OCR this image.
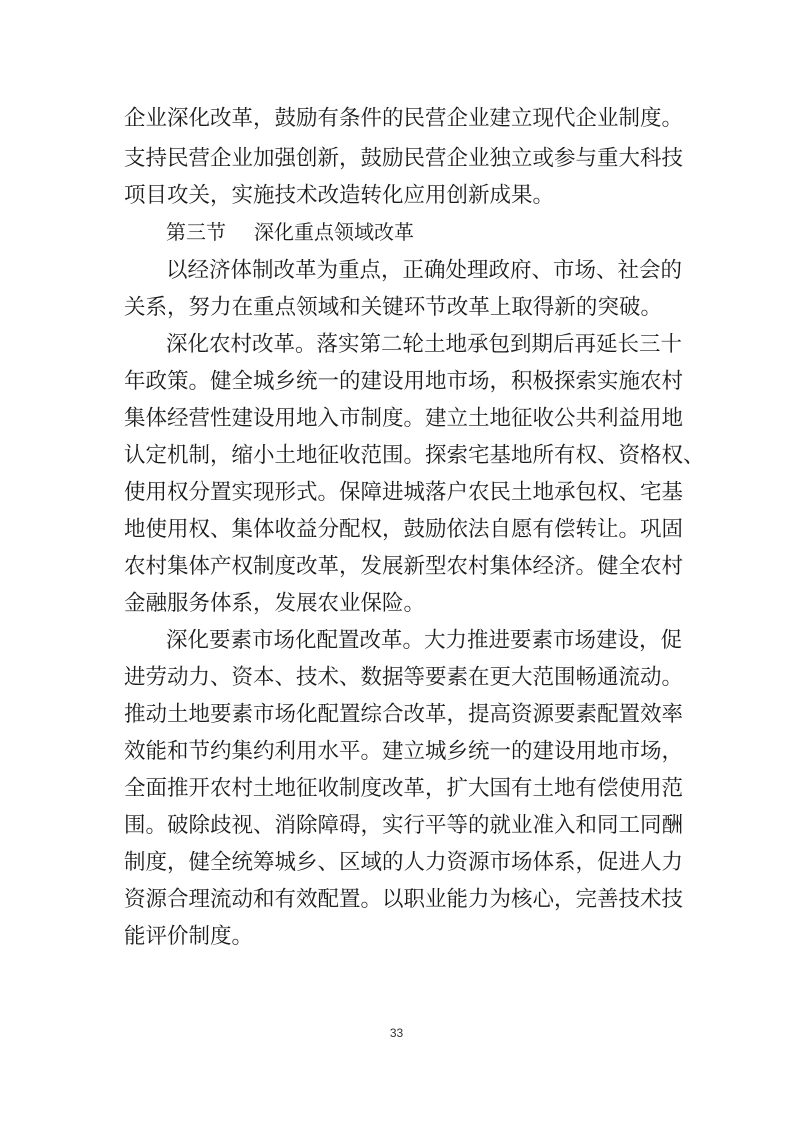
企业深化改革，鼓励有条件的民营企业建立现代企业制度。

支持民营企业加强创新，鼓励民营企业独立或参与重大科技

项目攻关，实施技术改造转化应用创新成果。

第三节 深化重点领域改革

以经济体制改革为重点，正确处理政府、市场、社会的

关系，努力在重点领域和关键环节改革上取得新的突破。

深化农村改革。落实第二轮土地承包到期后再延长三十

年政策。健全城乡统一的建设用地市场，积极探索实施农村

集体经营性建设用地入市制度。建立土地征收公共利益用地

认定机制，缩小土地征收范围。探索宅基地所有权、资格权、

使用权分置实现形式。保障进城落户农民土地承包权、宅基

地使用权、集体收益分配权，鼓励依法自愿有偿转让。巩固

农村集体产权制度改革，发展新型农村集体经济。健全农村

金融服务体系，发展农业保险。

深化要素市场化配置改革。大力推进要素市场建设，促

进劳动力、资本、技术、数据等要素在更大范围畅通流动。

推动土地要素市场化配置综合改革，提高资源要素配置效率

效能和节约集约利用水平。建立城乡统一的建设用地市场，

全面推开农村土地征收制度改革，扩大国有土地有偿使用范

围。破除歧视、消除障碍，实行平等的就业准入和同工同酬

制度，健全统筹城乡、区域的人力资源市场体系，促进人力

资源合理流动和有效配置。以职业能力为核心，完善技术技

能评价制度。

33
